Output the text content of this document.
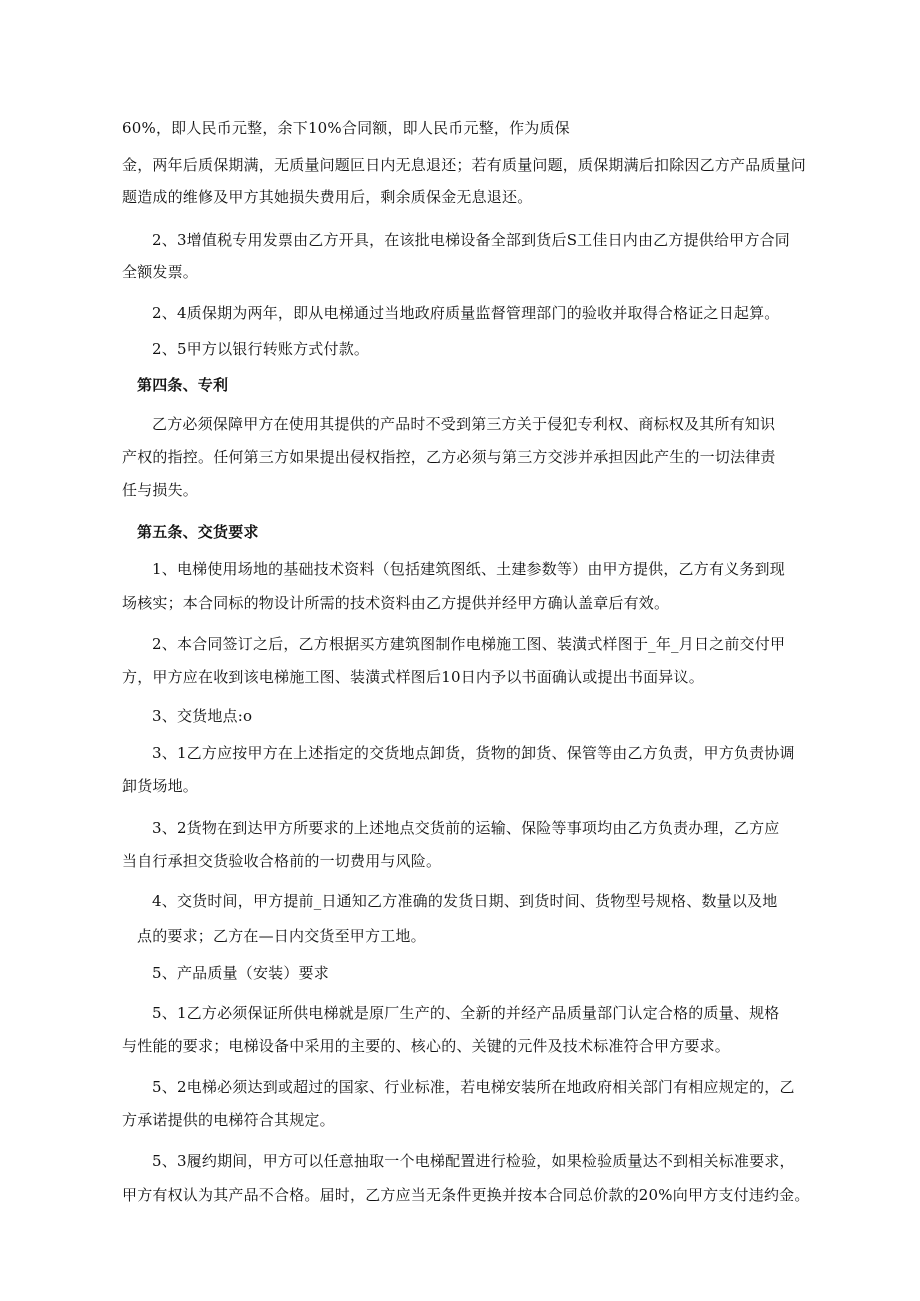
60%，即人民币元整，余下10%合同额，即人民币元整，作为质保
金，两年后质保期满，无质量问题叵日内无息退还；若有质量问题，质保期满后扣除因乙方产品质量问
题造成的维修及甲方其她损失费用后，剩余质保金无息退还。
2、3增值税专用发票由乙方开具，在该批电梯设备全部到货后S工佳日内由乙方提供给甲方合同
全额发票。
2、4质保期为两年，即从电梯通过当地政府质量监督管理部门的验收并取得合格证之日起算。
2、5甲方以银行转账方式付款。
第四条、专利
乙方必须保障甲方在使用其提供的产品时不受到第三方关于侵犯专利权、商标权及其所有知识
产权的指控。任何第三方如果提出侵权指控，乙方必须与第三方交涉并承担因此产生的一切法律责
任与损失。
第五条、交货要求
1、电梯使用场地的基础技术资料（包括建筑图纸、土建参数等）由甲方提供，乙方有义务到现
场核实；本合同标的物设计所需的技术资料由乙方提供并经甲方确认盖章后有效。
2、本合同签订之后，乙方根据买方建筑图制作电梯施工图、装潢式样图于_年_月日之前交付甲
方，甲方应在收到该电梯施工图、装潢式样图后10日内予以书面确认或提出书面异议。
3、交货地点:o
3、1乙方应按甲方在上述指定的交货地点卸货，货物的卸货、保管等由乙方负责，甲方负责协调
卸货场地。
3、2货物在到达甲方所要求的上述地点交货前的运输、保险等事项均由乙方负责办理，乙方应
当自行承担交货验收合格前的一切费用与风险。
4、交货时间，甲方提前_日通知乙方准确的发货日期、到货时间、货物型号规格、数量以及地
点的要求；乙方在—日内交货至甲方工地。
5、产品质量（安装）要求
5、1乙方必须保证所供电梯就是原厂生产的、全新的并经产品质量部门认定合格的质量、规格
与性能的要求；电梯设备中采用的主要的、核心的、关键的元件及技术标准符合甲方要求。
5、2电梯必须达到或超过的国家、行业标准，若电梯安装所在地政府相关部门有相应规定的，乙
方承诺提供的电梯符合其规定。
5、3履约期间，甲方可以任意抽取一个电梯配置进行检验，如果检验质量达不到相关标准要求，
甲方有权认为其产品不合格。届时，乙方应当无条件更换并按本合同总价款的20%向甲方支付违约金。
